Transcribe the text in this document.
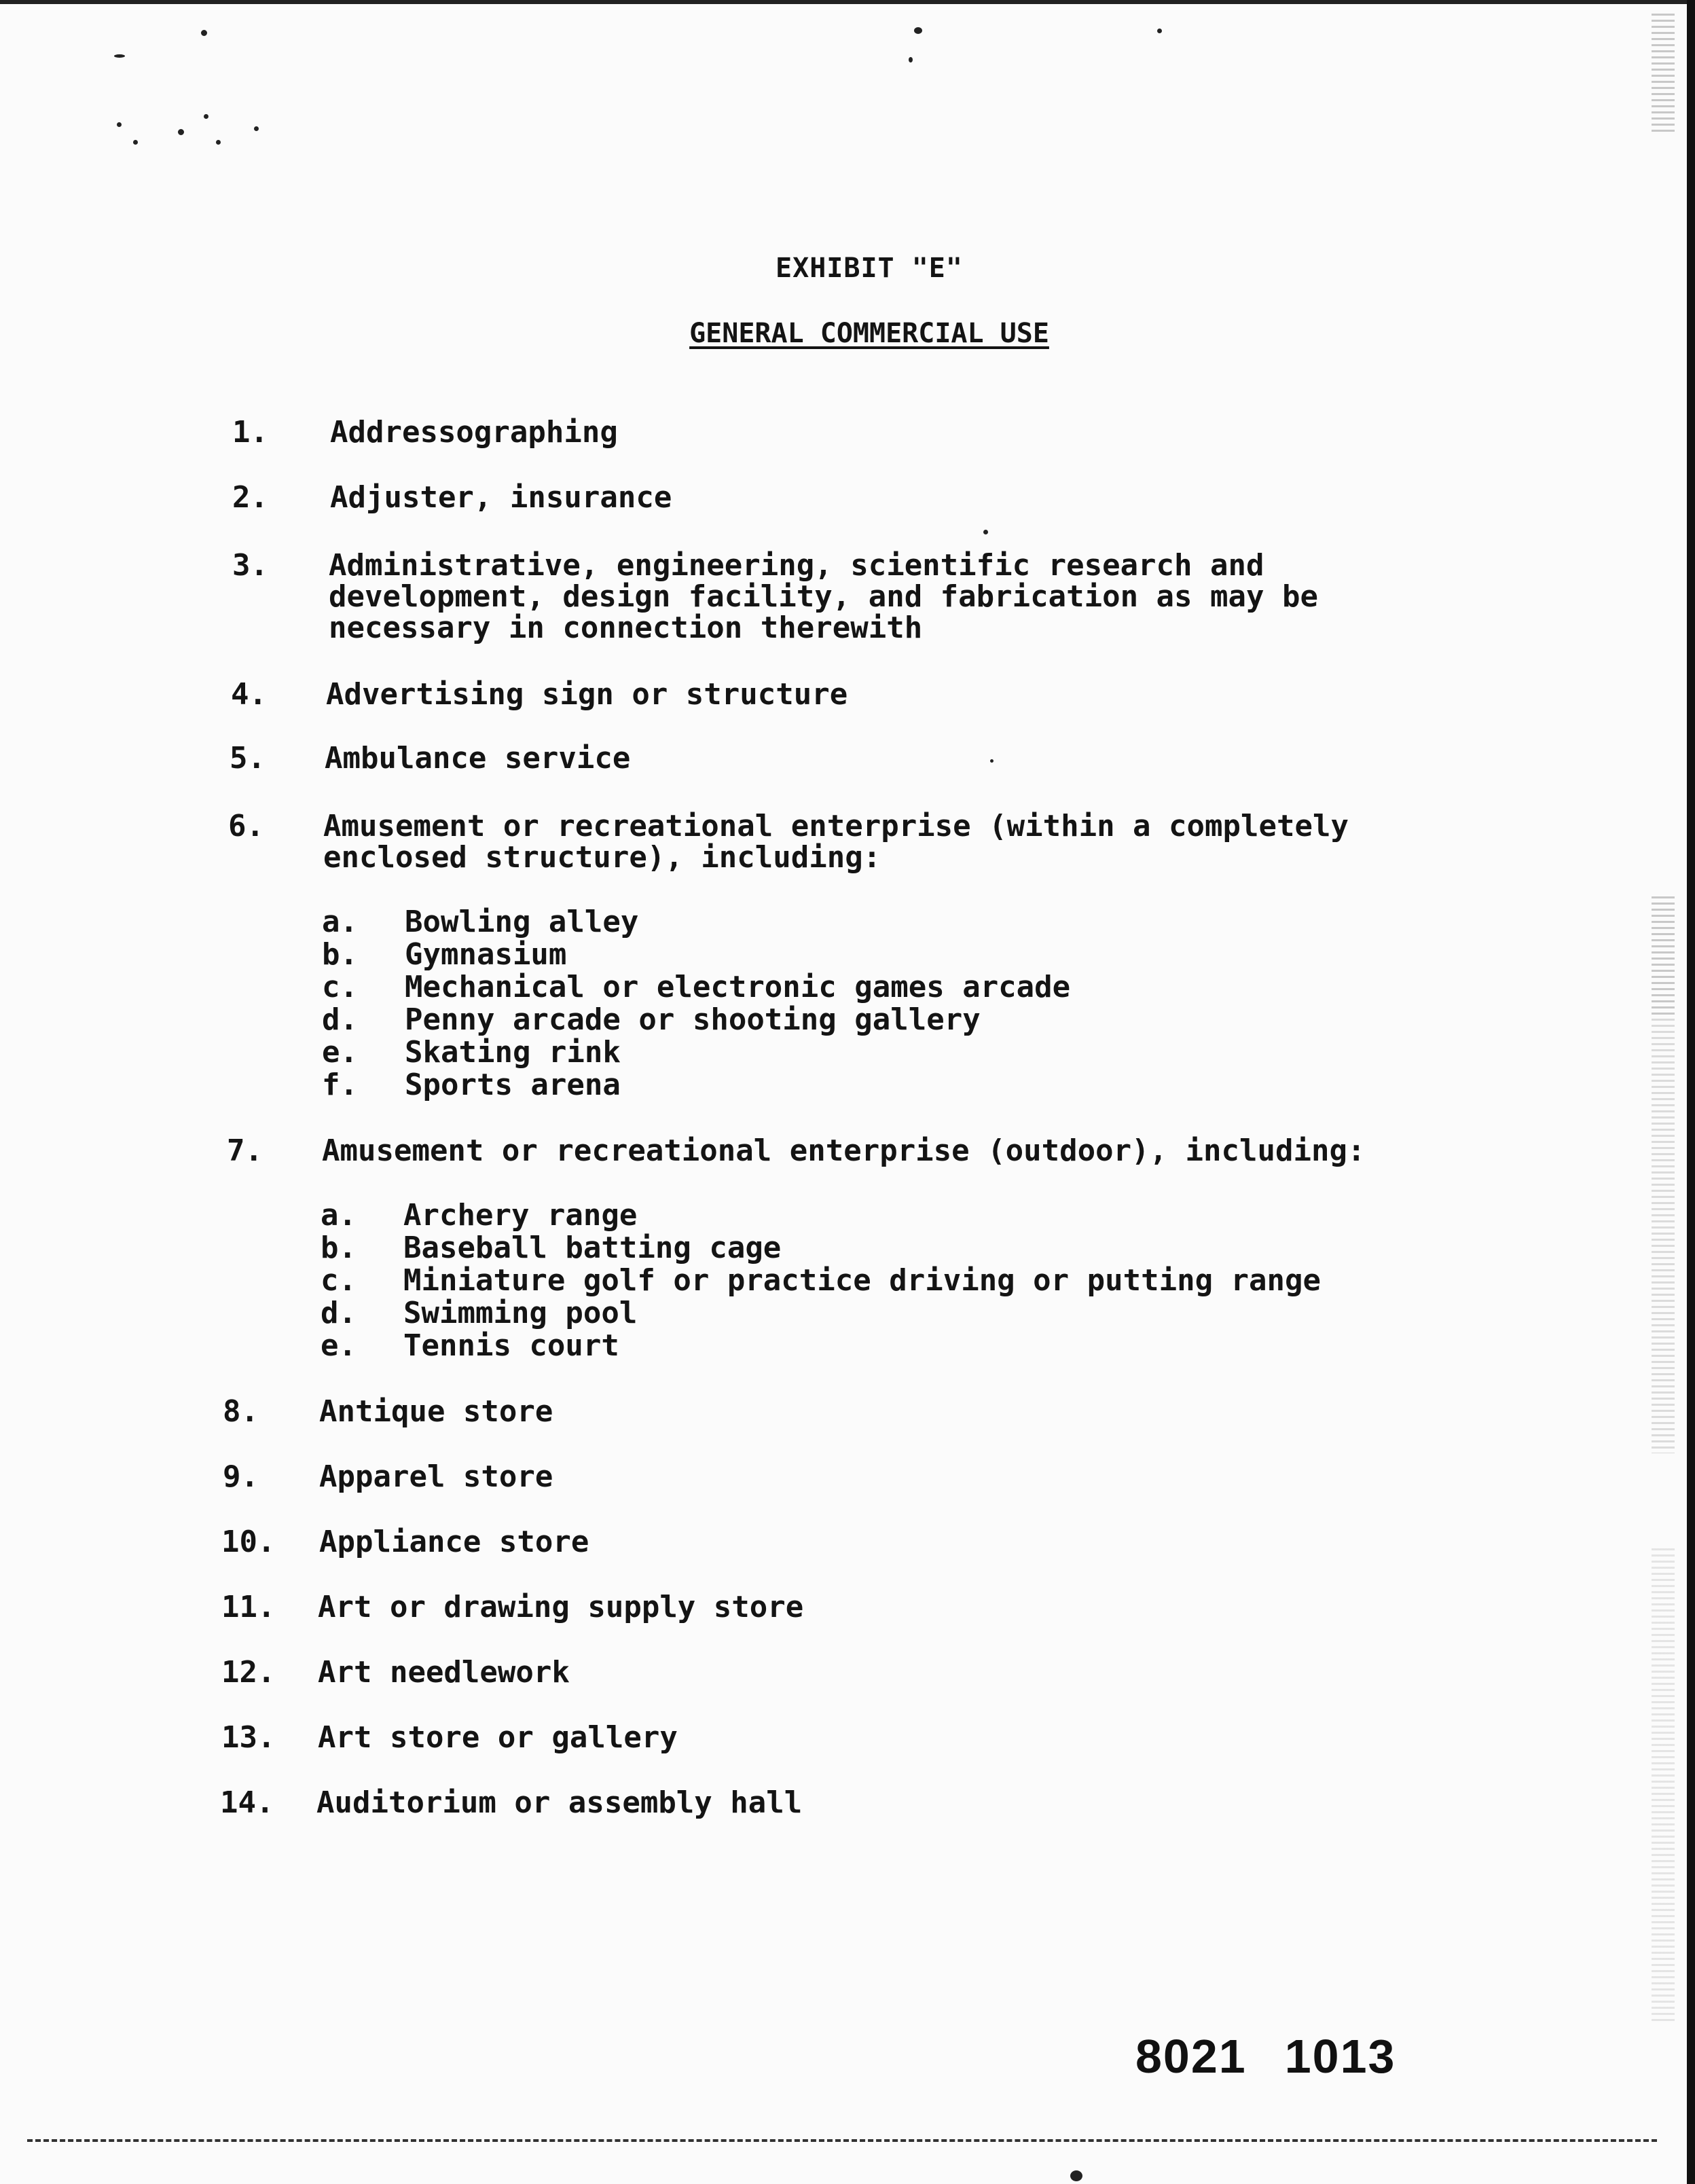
EXHIBIT "E"
GENERAL COMMERCIAL USE

1.

Addressographing

2.

Adjuster, insurance

3.

Administrative, engineering, scientific research and

development, design facility, and fabrication as may be

necessary in connection therewith

4.

Advertising sign or structure

5.

Ambulance service

6.

Amusement or recreational enterprise (within a completely

enclosed structure), including:

a.

Bowling alley

b.

Gymnasium

c.

Mechanical or electronic games arcade

d.

Penny arcade or shooting gallery

e.

Skating rink

f.

Sports arena

7.

Amusement or recreational enterprise (outdoor), including:

a.

Archery range

b.

Baseball batting cage

c.

Miniature golf or practice driving or putting range

d.

Swimming pool

e.

Tennis court

8.

Antique store

9.

Apparel store

10.

Appliance store

11.

Art or drawing supply store

12.

Art needlework

13.

Art store or gallery

14.

Auditorium or assembly hall

8021 1013
